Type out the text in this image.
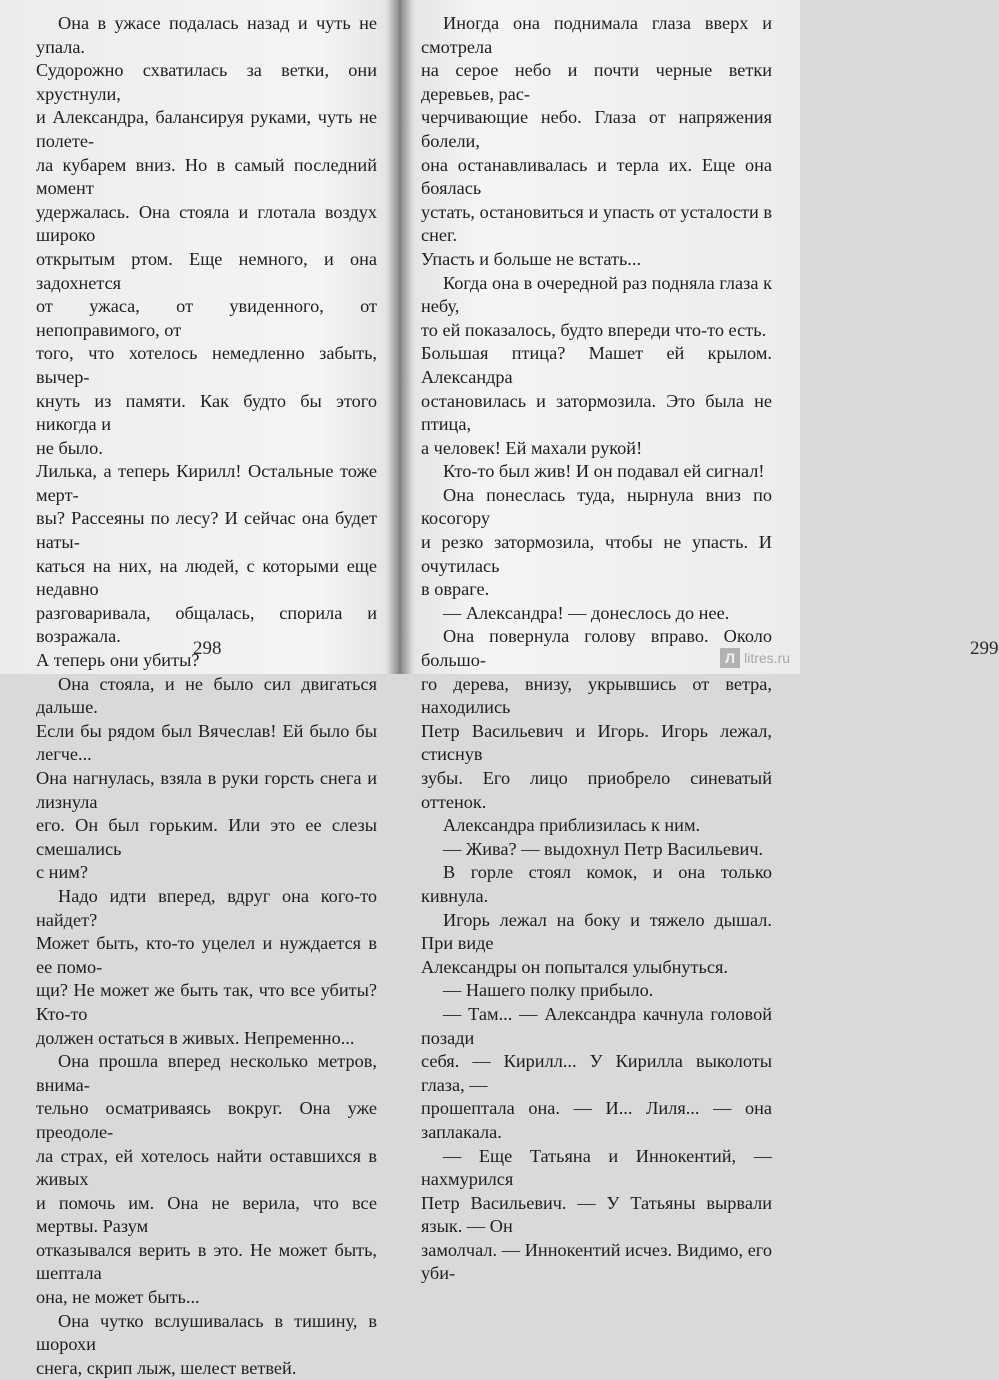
Она в ужасе подалась назад и чуть не упала.

Судорожно схватилась за ветки, они хрустнули,
и Александра, балансируя руками, чуть не полете-
ла кубарем вниз. Но в самый последний момент
удержалась. Она стояла и глотала воздух широко
открытым ртом. Еще немного, и она задохнется
от ужаса, от увиденного, от непоправимого, от
того, что хотелось немедленно забыть, вычер-
кнуть из памяти. Как будто бы этого никогда и
не было.

Лилька, а теперь Кирилл! Остальные тоже мерт-
вы? Рассеяны по лесу? И сейчас она будет наты-
каться на них, на людей, с которыми еще недавно
разговаривала, общалась, спорила и возражала.
А теперь они убиты?

Она стояла, и не было сил двигаться дальше.
Если бы рядом был Вячеслав! Ей было бы легче...

Она нагнулась, взяла в руки горсть снега и лизнула
его. Он был горьким. Или это ее слезы смешались
с ним?

Надо идти вперед, вдруг она кого-то найдет?
Может быть, кто-то уцелел и нуждается в ее помо-
щи? Не может же быть так, что все убиты? Кто-то
должен остаться в живых. Непременно...

Она прошла вперед несколько метров, внима-
тельно осматриваясь вокруг. Она уже преодоле-
ла страх, ей хотелось найти оставшихся в живых
и помочь им. Она не верила, что все мертвы. Разум
отказывался верить в это. Не может быть, шептала
она, не может быть...

Она чутко вслушивалась в тишину, в шорохи
снега, скрип лыж, шелест ветвей.

298

Иногда она поднимала глаза вверх и смотрела
на серое небо и почти черные ветки деревьев, рас-
черчивающие небо. Глаза от напряжения болели,
она останавливалась и терла их. Еще она боялась
устать, остановиться и упасть от усталости в снег.
Упасть и больше не встать...

Когда она в очередной раз подняла глаза к небу,
то ей показалось, будто впереди что-то есть.
Большая птица? Машет ей крылом. Александра
остановилась и затормозила. Это была не птица,
а человек! Ей махали рукой!

Кто-то был жив! И он подавал ей сигнал!

Она понеслась туда, нырнула вниз по косогору
и резко затормозила, чтобы не упасть. И очутилась
в овраге.

— Александра! — донеслось до нее.

Она повернула голову вправо. Около большо-
го дерева, внизу, укрывшись от ветра, находились
Петр Васильевич и Игорь. Игорь лежал, стиснув
зубы. Его лицо приобрело синеватый оттенок.

Александра приблизилась к ним.

— Жива? — выдохнул Петр Васильевич.

В горле стоял комок, и она только кивнула.

Игорь лежал на боку и тяжело дышал. При виде
Александры он попытался улыбнуться.

— Нашего полку прибыло.

— Там... — Александра качнула головой позади
себя. — Кирилл... У Кирилла выколоты глаза, —
прошептала она. — И... Лиля... — она заплакала.

— Еще Татьяна и Иннокентий, — нахмурился
Петр Васильевич. — У Татьяны вырвали язык. — Он
замолчал. — Иннокентий исчез. Видимо, его уби-

299
Л litres.ru
